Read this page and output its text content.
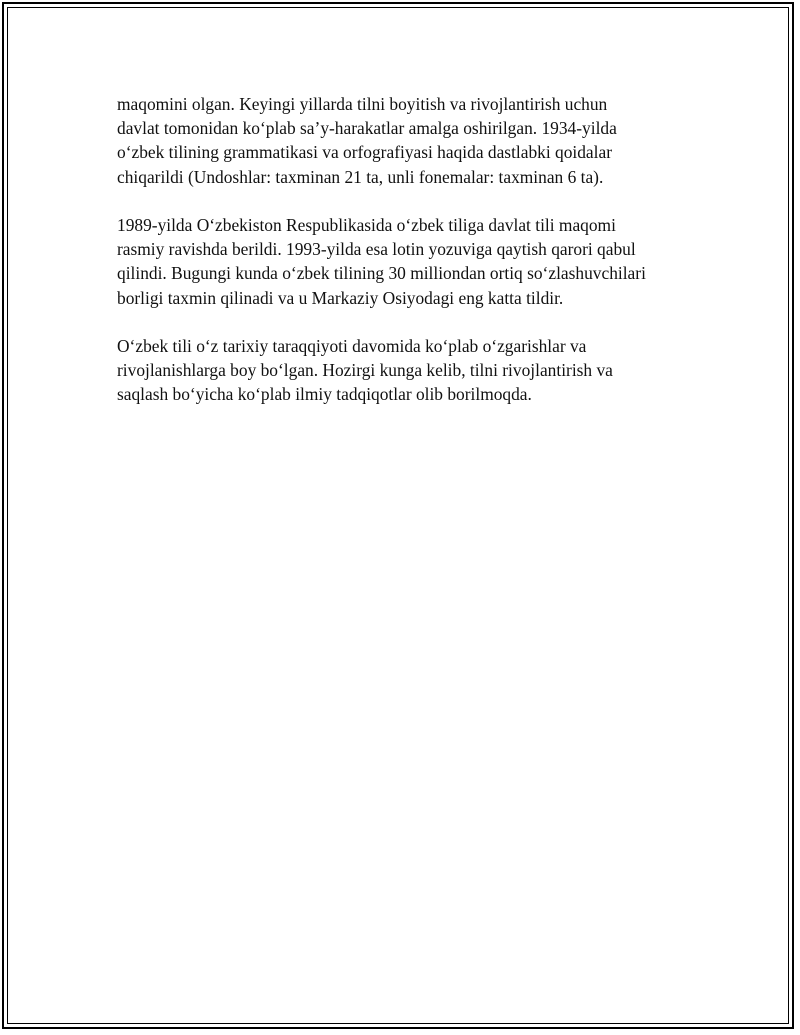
maqomini olgan. Keyingi yillarda tilni boyitish va rivojlantirish uchun
davlat tomonidan koʻplab saʼy-harakatlar amalga oshirilgan. 1934-yilda
oʻzbek tilining grammatikasi va orfografiyasi haqida dastlabki qoidalar
chiqarildi (Undoshlar: taxminan 21 ta, unli fonemalar: taxminan 6 ta).

1989-yilda Oʻzbekiston Respublikasida oʻzbek tiliga davlat tili maqomi
rasmiy ravishda berildi. 1993-yilda esa lotin yozuviga qaytish qarori qabul
qilindi. Bugungi kunda oʻzbek tilining 30 milliondan ortiq soʻzlashuvchilari
borligi taxmin qilinadi va u Markaziy Osiyodagi eng katta tildir.

Oʻzbek tili oʻz tarixiy taraqqiyoti davomida koʻplab oʻzgarishlar va
rivojlanishlarga boy boʻlgan. Hozirgi kunga kelib, tilni rivojlantirish va
saqlash boʻyicha koʻplab ilmiy tadqiqotlar olib borilmoqda.
